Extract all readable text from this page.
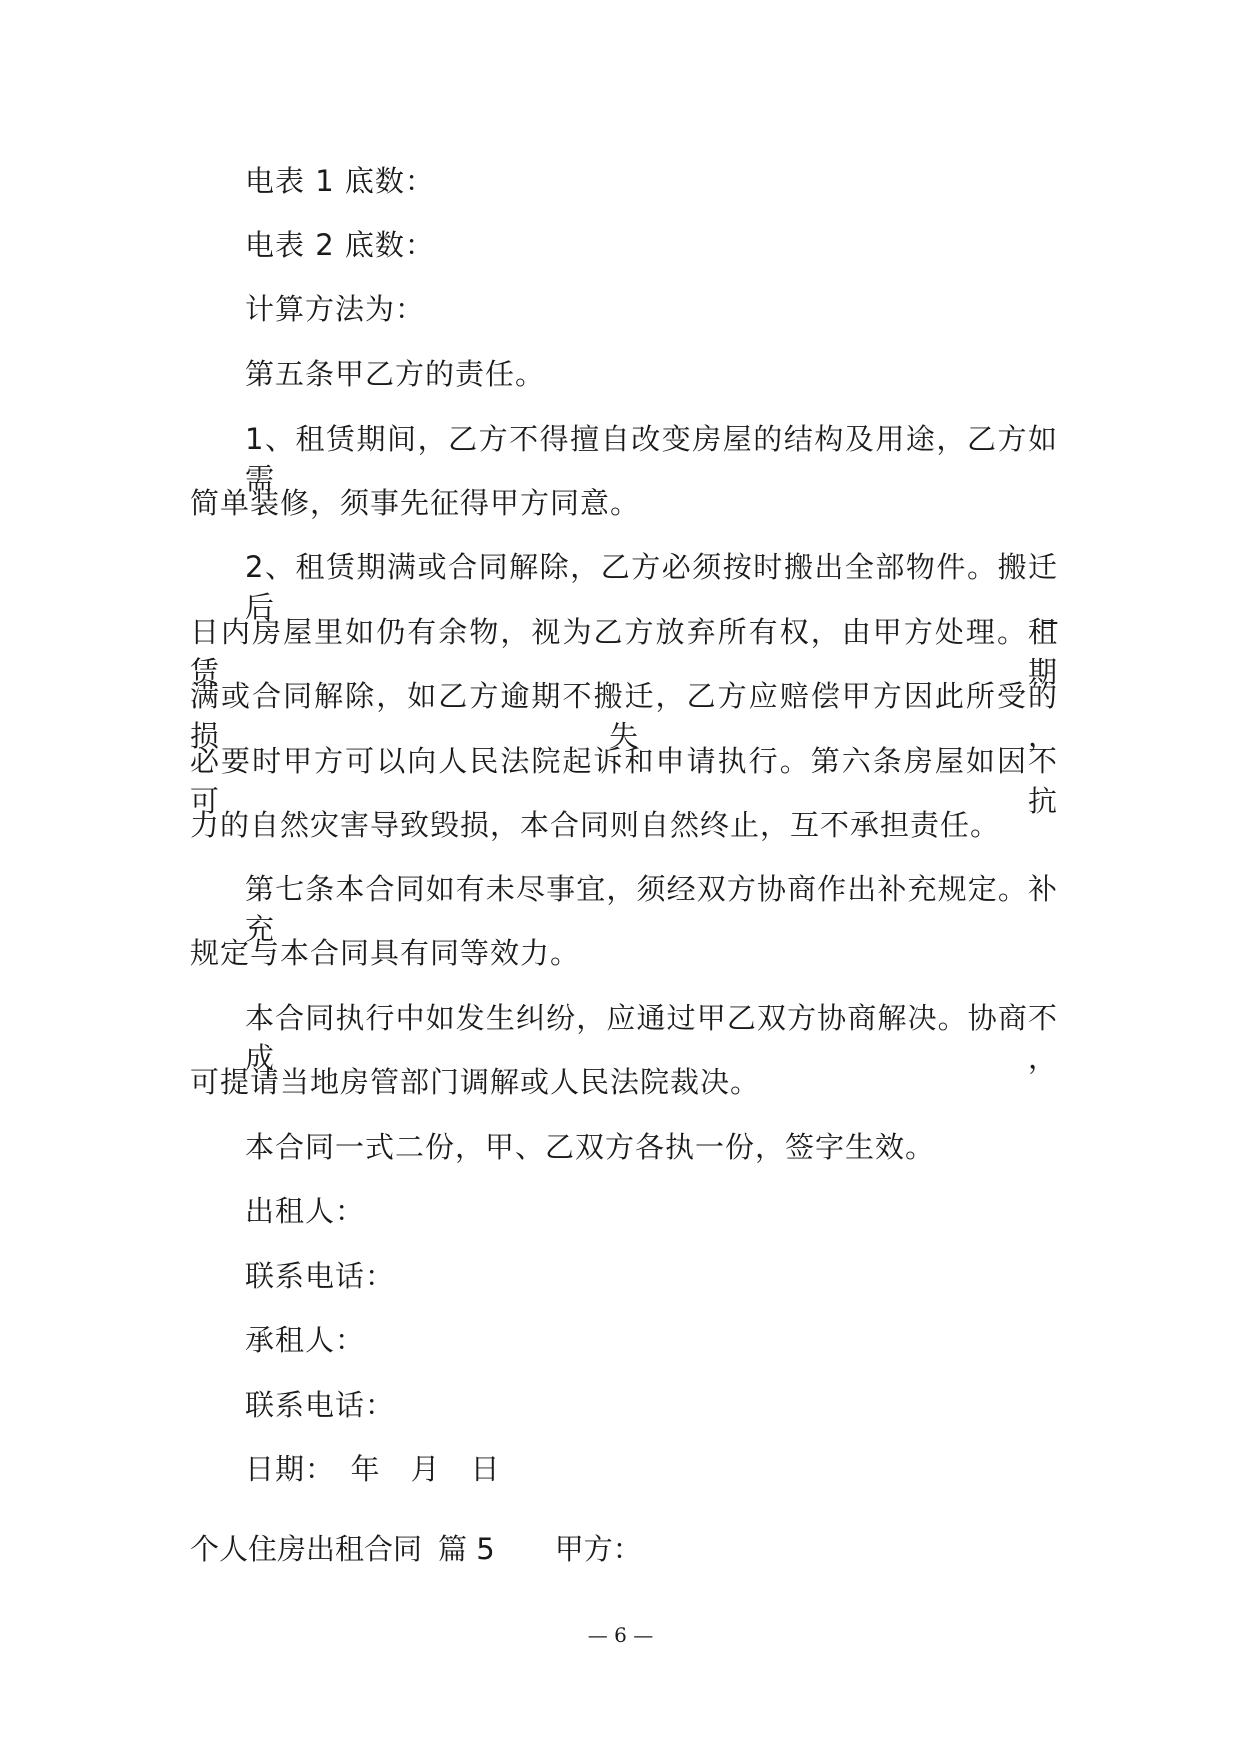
电表 1 底数：
电表 2 底数：
计算方法为：
第五条甲乙方的责任。
1、租赁期间，乙方不得擅自改变房屋的结构及用途，乙方如需
简单装修，须事先征得甲方同意。
2、租赁期满或合同解除，乙方必须按时搬出全部物件。搬迁后_
日内房屋里如仍有余物，视为乙方放弃所有权，由甲方处理。租赁期
满或合同解除，如乙方逾期不搬迁，乙方应赔偿甲方因此所受的损失，
必要时甲方可以向人民法院起诉和申请执行。第六条房屋如因不可抗
力的自然灾害导致毁损，本合同则自然终止，互不承担责任。
第七条本合同如有未尽事宜，须经双方协商作出补充规定。补充
规定与本合同具有同等效力。
本合同执行中如发生纠纷，应通过甲乙双方协商解决。协商不成，
可提请当地房管部门调解或人民法院裁决。
本合同一式二份，甲、乙双方各执一份，签字生效。
出租人：
联系电话：
承租人：
联系电话：
日期：　年　月　日
个人住房出租合同 篇 5 甲方：
— 6 —
